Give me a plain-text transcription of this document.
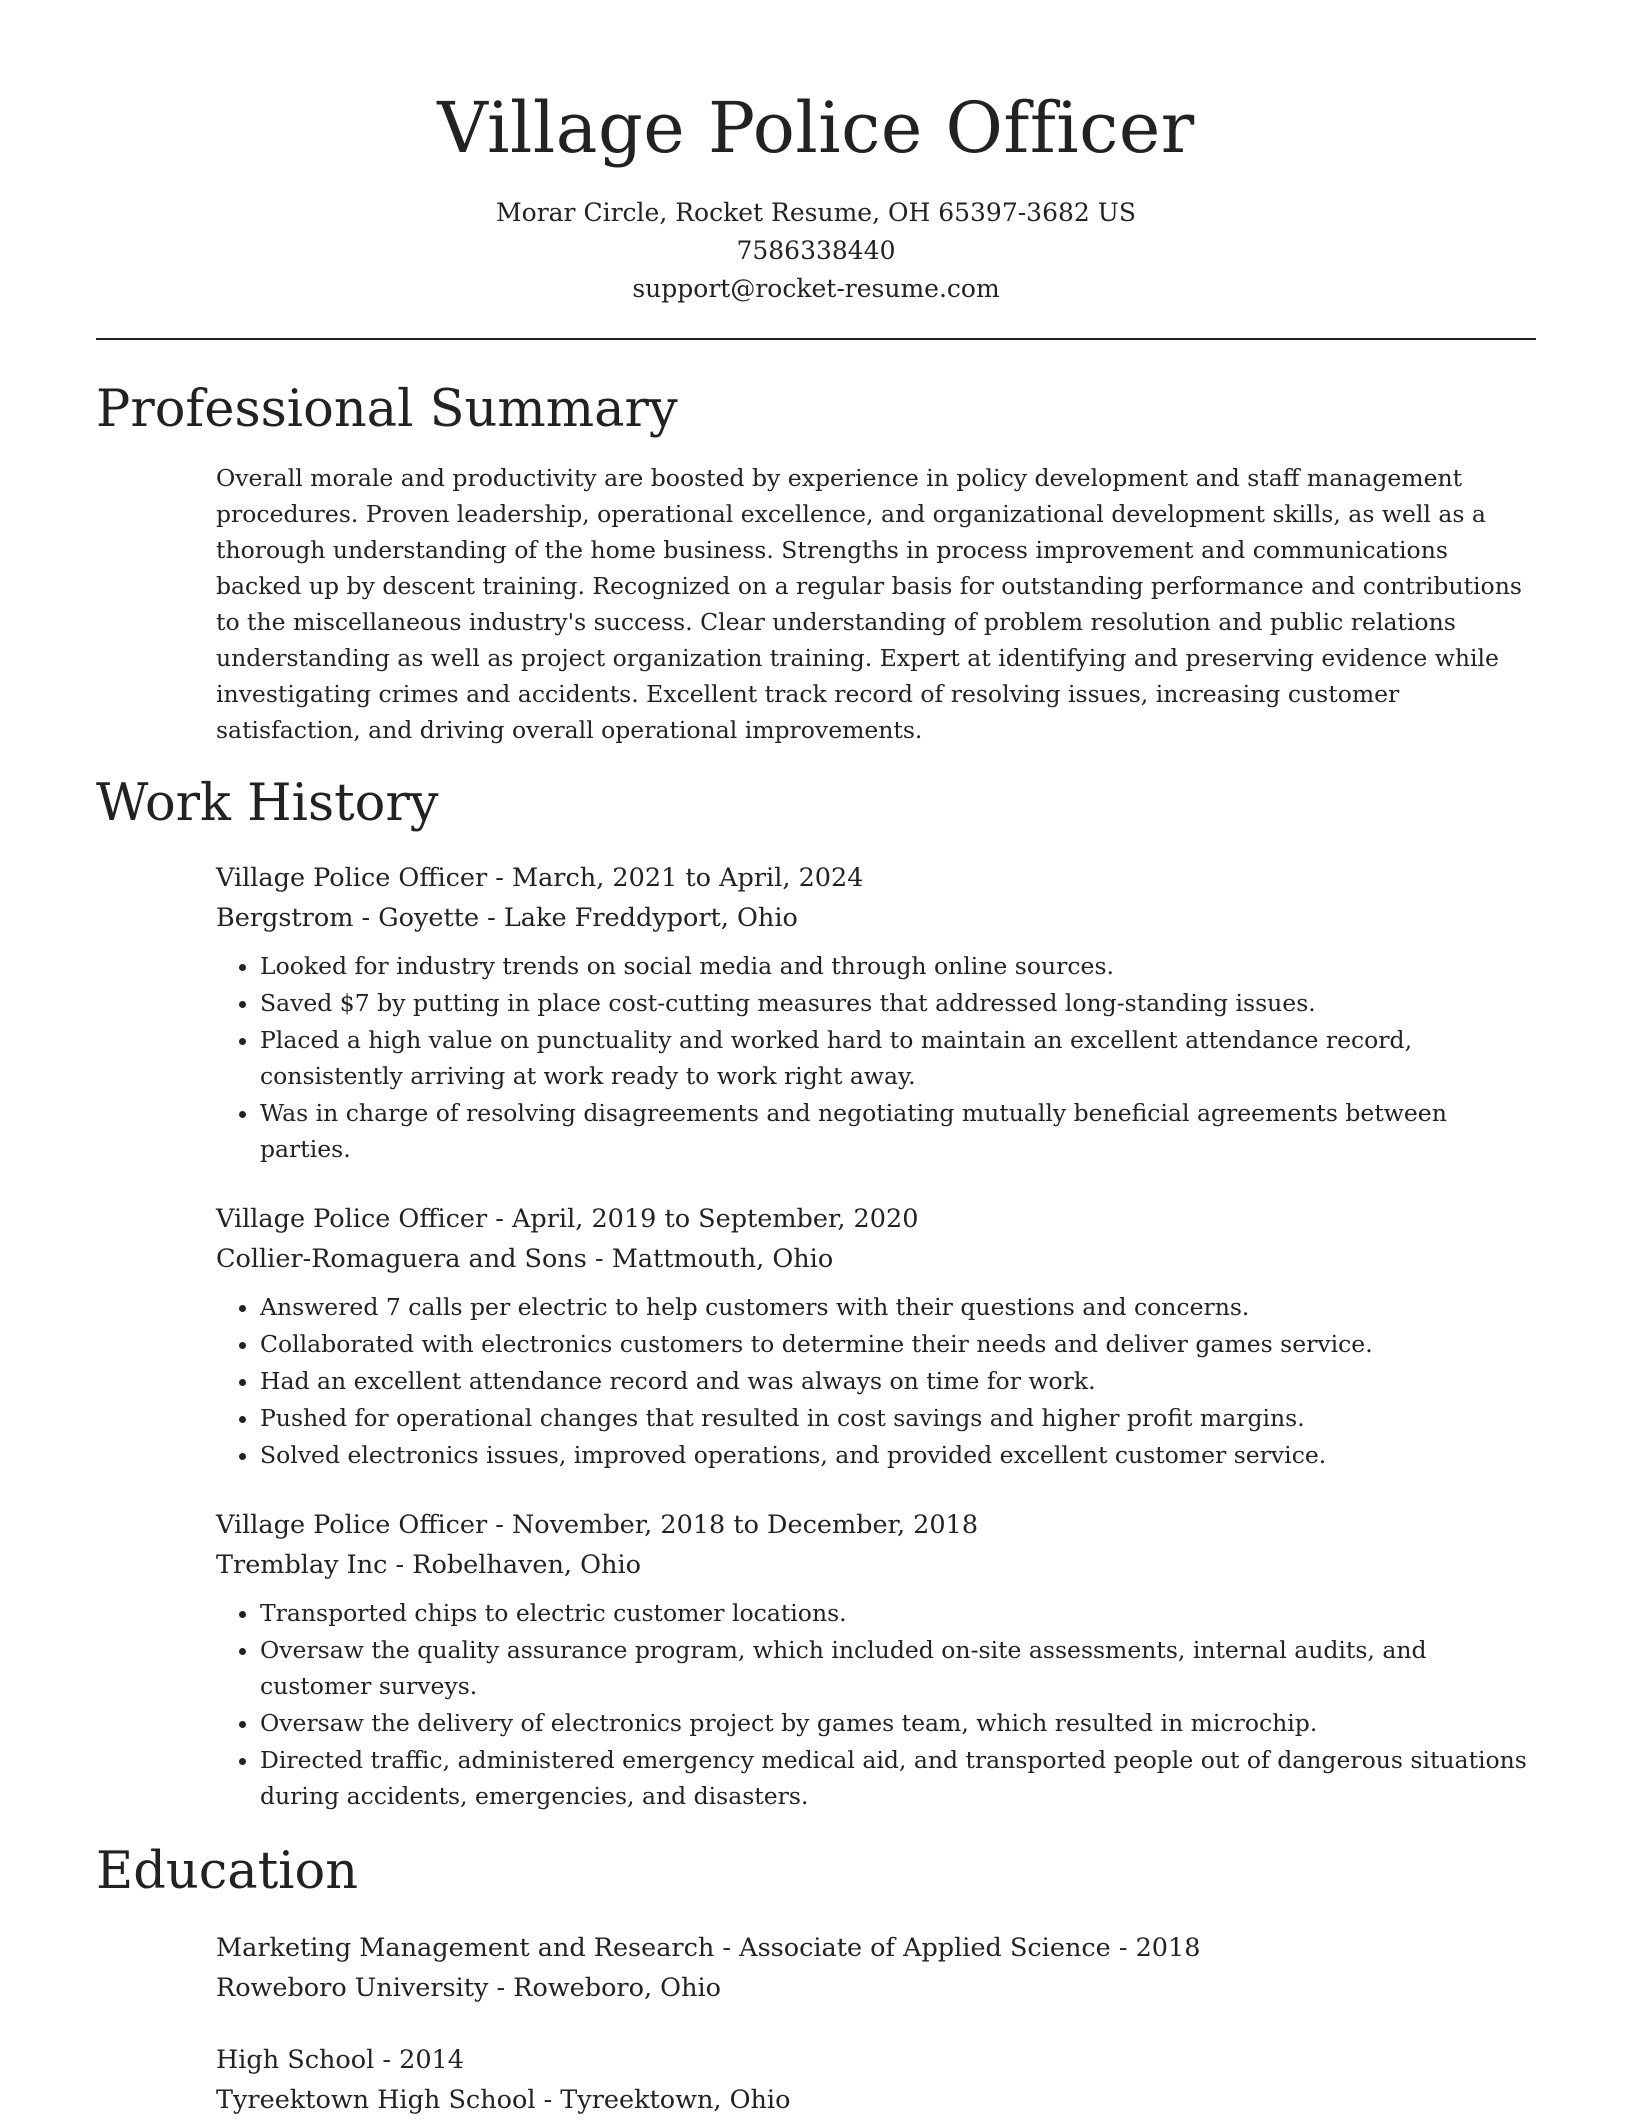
Village Police Officer
Morar Circle, Rocket Resume, OH 65397-3682 US
7586338440
support@rocket-resume.com
Professional Summary
Overall morale and productivity are boosted by experience in policy development and staff management procedures. Proven leadership, operational excellence, and organizational development skills, as well as a thorough understanding of the home business. Strengths in process improvement and communications backed up by descent training. Recognized on a regular basis for outstanding performance and contributions to the miscellaneous industry's success. Clear understanding of problem resolution and public relations understanding as well as project organization training. Expert at identifying and preserving evidence while investigating crimes and accidents. Excellent track record of resolving issues, increasing customer satisfaction, and driving overall operational improvements.
Work History
Village Police Officer - March, 2021 to April, 2024
Bergstrom - Goyette - Lake Freddyport, Ohio
• Looked for industry trends on social media and through online sources.
• Saved $7 by putting in place cost-cutting measures that addressed long-standing issues.
• Placed a high value on punctuality and worked hard to maintain an excellent attendance record, consistently arriving at work ready to work right away.
• Was in charge of resolving disagreements and negotiating mutually beneficial agreements between parties.
Village Police Officer - April, 2019 to September, 2020
Collier-Romaguera and Sons - Mattmouth, Ohio
• Answered 7 calls per electric to help customers with their questions and concerns.
• Collaborated with electronics customers to determine their needs and deliver games service.
• Had an excellent attendance record and was always on time for work.
• Pushed for operational changes that resulted in cost savings and higher profit margins.
• Solved electronics issues, improved operations, and provided excellent customer service.
Village Police Officer - November, 2018 to December, 2018
Tremblay Inc - Robelhaven, Ohio
• Transported chips to electric customer locations.
• Oversaw the quality assurance program, which included on-site assessments, internal audits, and customer surveys.
• Oversaw the delivery of electronics project by games team, which resulted in microchip.
• Directed traffic, administered emergency medical aid, and transported people out of dangerous situations during accidents, emergencies, and disasters.
Education
Marketing Management and Research - Associate of Applied Science - 2018
Roweboro University - Roweboro, Ohio
High School - 2014
Tyreektown High School - Tyreektown, Ohio
